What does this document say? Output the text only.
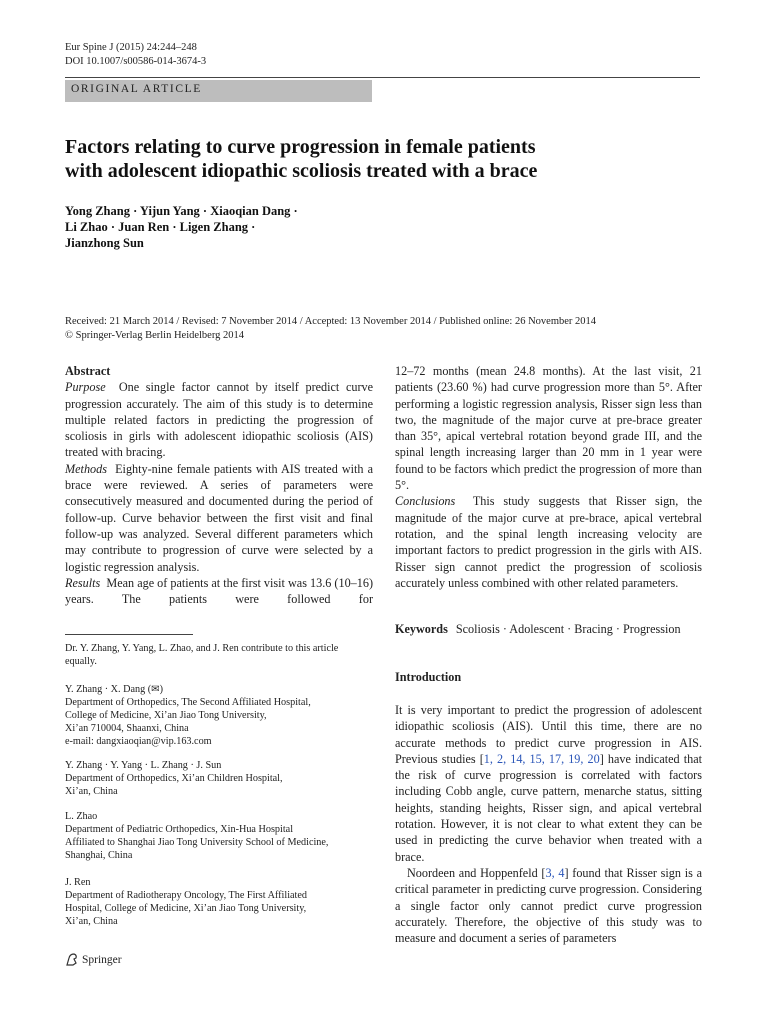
Eur Spine J (2015) 24:244–248
DOI 10.1007/s00586-014-3674-3
ORIGINAL ARTICLE
Factors relating to curve progression in female patients
with adolescent idiopathic scoliosis treated with a brace
Yong Zhang · Yijun Yang · Xiaoqian Dang ·
Li Zhao · Juan Ren · Ligen Zhang ·
Jianzhong Sun
Received: 21 March 2014 / Revised: 7 November 2014 / Accepted: 13 November 2014 / Published online: 26 November 2014
© Springer-Verlag Berlin Heidelberg 2014

Abstract

Purpose One single factor cannot by itself predict curve progression accurately. The aim of this study is to determine multiple related factors in predicting the progression of scoliosis in girls with adolescent idiopathic scoliosis (AIS) treated with bracing.

Methods Eighty-nine female patients with AIS treated with a brace were reviewed. A series of parameters were consecutively measured and documented during the period of follow-up. Curve behavior between the first visit and final follow-up was analyzed. Several different parameters which may contribute to progression of curve were selected by a logistic regression analysis.

Results Mean age of patients at the first visit was 13.6 (10–16) years. The patients were followed for

12–72 months (mean 24.8 months). At the last visit, 21 patients (23.60 %) had curve progression more than 5°. After performing a logistic regression analysis, Risser sign less than two, the magnitude of the major curve at pre-brace greater than 35°, apical vertebral rotation beyond grade III, and the spinal length increasing larger than 20 mm in 1 year were found to be factors which predict the progression of more than 5°.

Conclusions This study suggests that Risser sign, the magnitude of the major curve at pre-brace, apical vertebral rotation, and the spinal length increasing velocity are important factors to predict progression in the girls with AIS. Risser sign cannot predict the progression of scoliosis accurately unless combined with other related parameters.

Keywords Scoliosis · Adolescent · Bracing · Progression
Dr. Y. Zhang, Y. Yang, L. Zhao, and J. Ren contribute to this article
equally.
Y. Zhang · X. Dang (✉)
Department of Orthopedics, The Second Affiliated Hospital,
College of Medicine, Xi’an Jiao Tong University,
Xi’an 710004, Shaanxi, China
e-mail: dangxiaoqian@vip.163.com
Y. Zhang · Y. Yang · L. Zhang · J. Sun
Department of Orthopedics, Xi’an Children Hospital,
Xi’an, China
L. Zhao
Department of Pediatric Orthopedics, Xin-Hua Hospital
Affiliated to Shanghai Jiao Tong University School of Medicine,
Shanghai, China
J. Ren
Department of Radiotherapy Oncology, The First Affiliated
Hospital, College of Medicine, Xi’an Jiao Tong University,
Xi’an, China
Introduction

It is very important to predict the progression of adolescent idiopathic scoliosis (AIS). Until this time, there are no accurate methods to predict curve progression in AIS. Previous studies [1, 2, 14, 15, 17, 19, 20] have indicated that the risk of curve progression is correlated with factors including Cobb angle, curve pattern, menarche status, sitting heights, standing heights, Risser sign, and apical vertebral rotation. However, it is not clear to what extent they can be used in predicting the curve behavior when treated with a brace.

Noordeen and Hoppenfeld [3, 4] found that Risser sign is a critical parameter in predicting curve progression. Considering a single factor only cannot predict curve progression accurately. Therefore, the objective of this study was to measure and document a series of parameters

Springer
